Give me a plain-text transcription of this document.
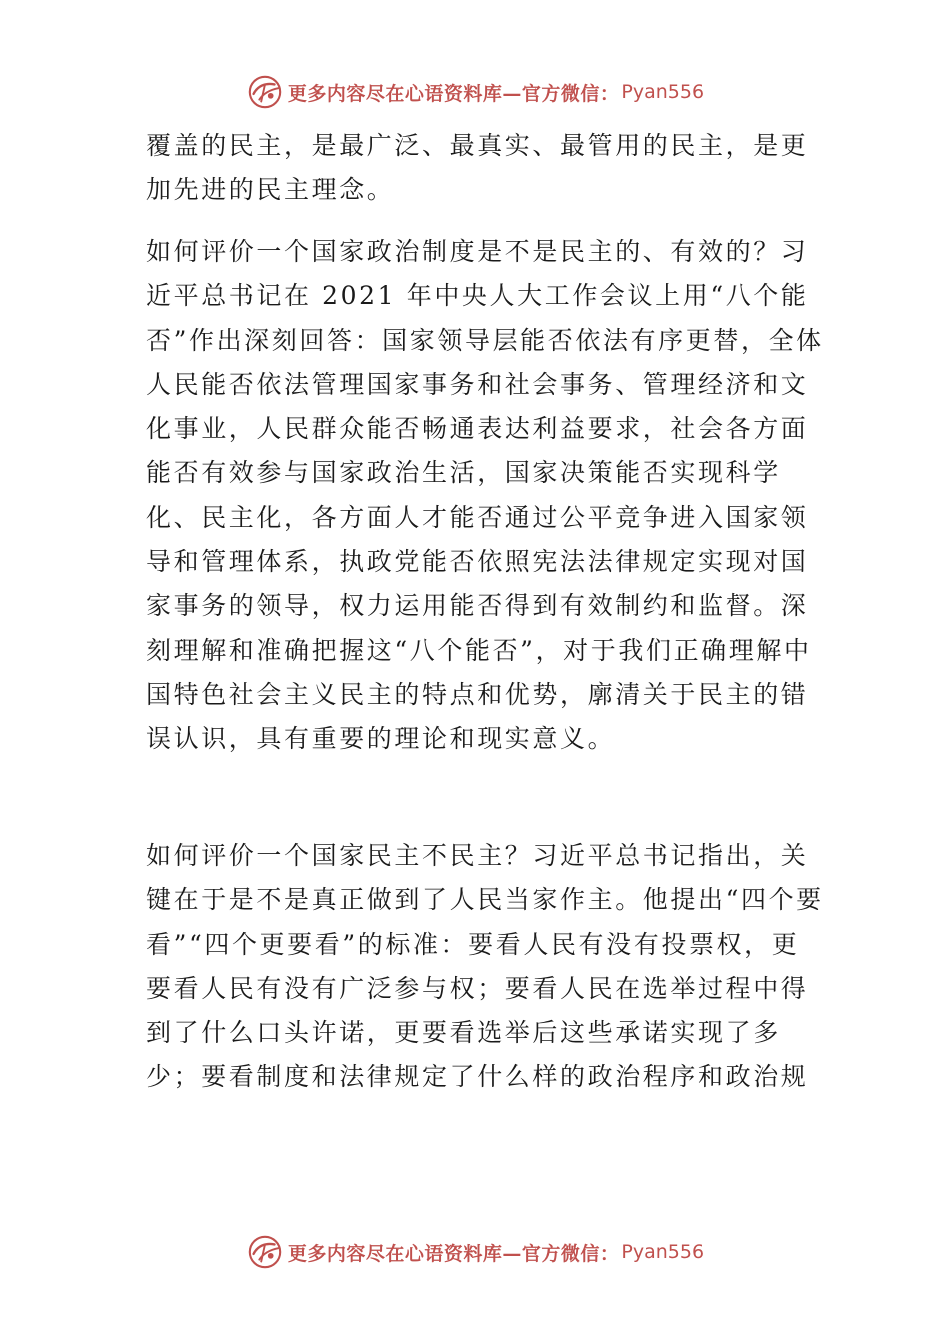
更多内容尽在心语资料库—官方微信： Pyan556

覆盖的民主，是最广泛、最真实、最管用的民主，是更加先进的民主理念。

如何评价一个国家政治制度是不是民主的、有效的？习近平总书记在 2021 年中央人大工作会议上用“八个能否”作出深刻回答：国家领导层能否依法有序更替，全体人民能否依法管理国家事务和社会事务、管理经济和文化事业，人民群众能否畅通表达利益要求，社会各方面能否有效参与国家政治生活，国家决策能否实现科学化、民主化，各方面人才能否通过公平竞争进入国家领导和管理体系，执政党能否依照宪法法律规定实现对国家事务的领导，权力运用能否得到有效制约和监督。深刻理解和准确把握这“八个能否”，对于我们正确理解中国特色社会主义民主的特点和优势，廓清关于民主的错误认识，具有重要的理论和现实意义。

如何评价一个国家民主不民主？习近平总书记指出，关键在于是不是真正做到了人民当家作主。他提出“四个要看”“四个更要看”的标准：要看人民有没有投票权，更要看人民有没有广泛参与权；要看人民在选举过程中得到了什么口头许诺，更要看选举后这些承诺实现了多少；要看制度和法律规定了什么样的政治程序和政治规

更多内容尽在心语资料库—官方微信： Pyan556
